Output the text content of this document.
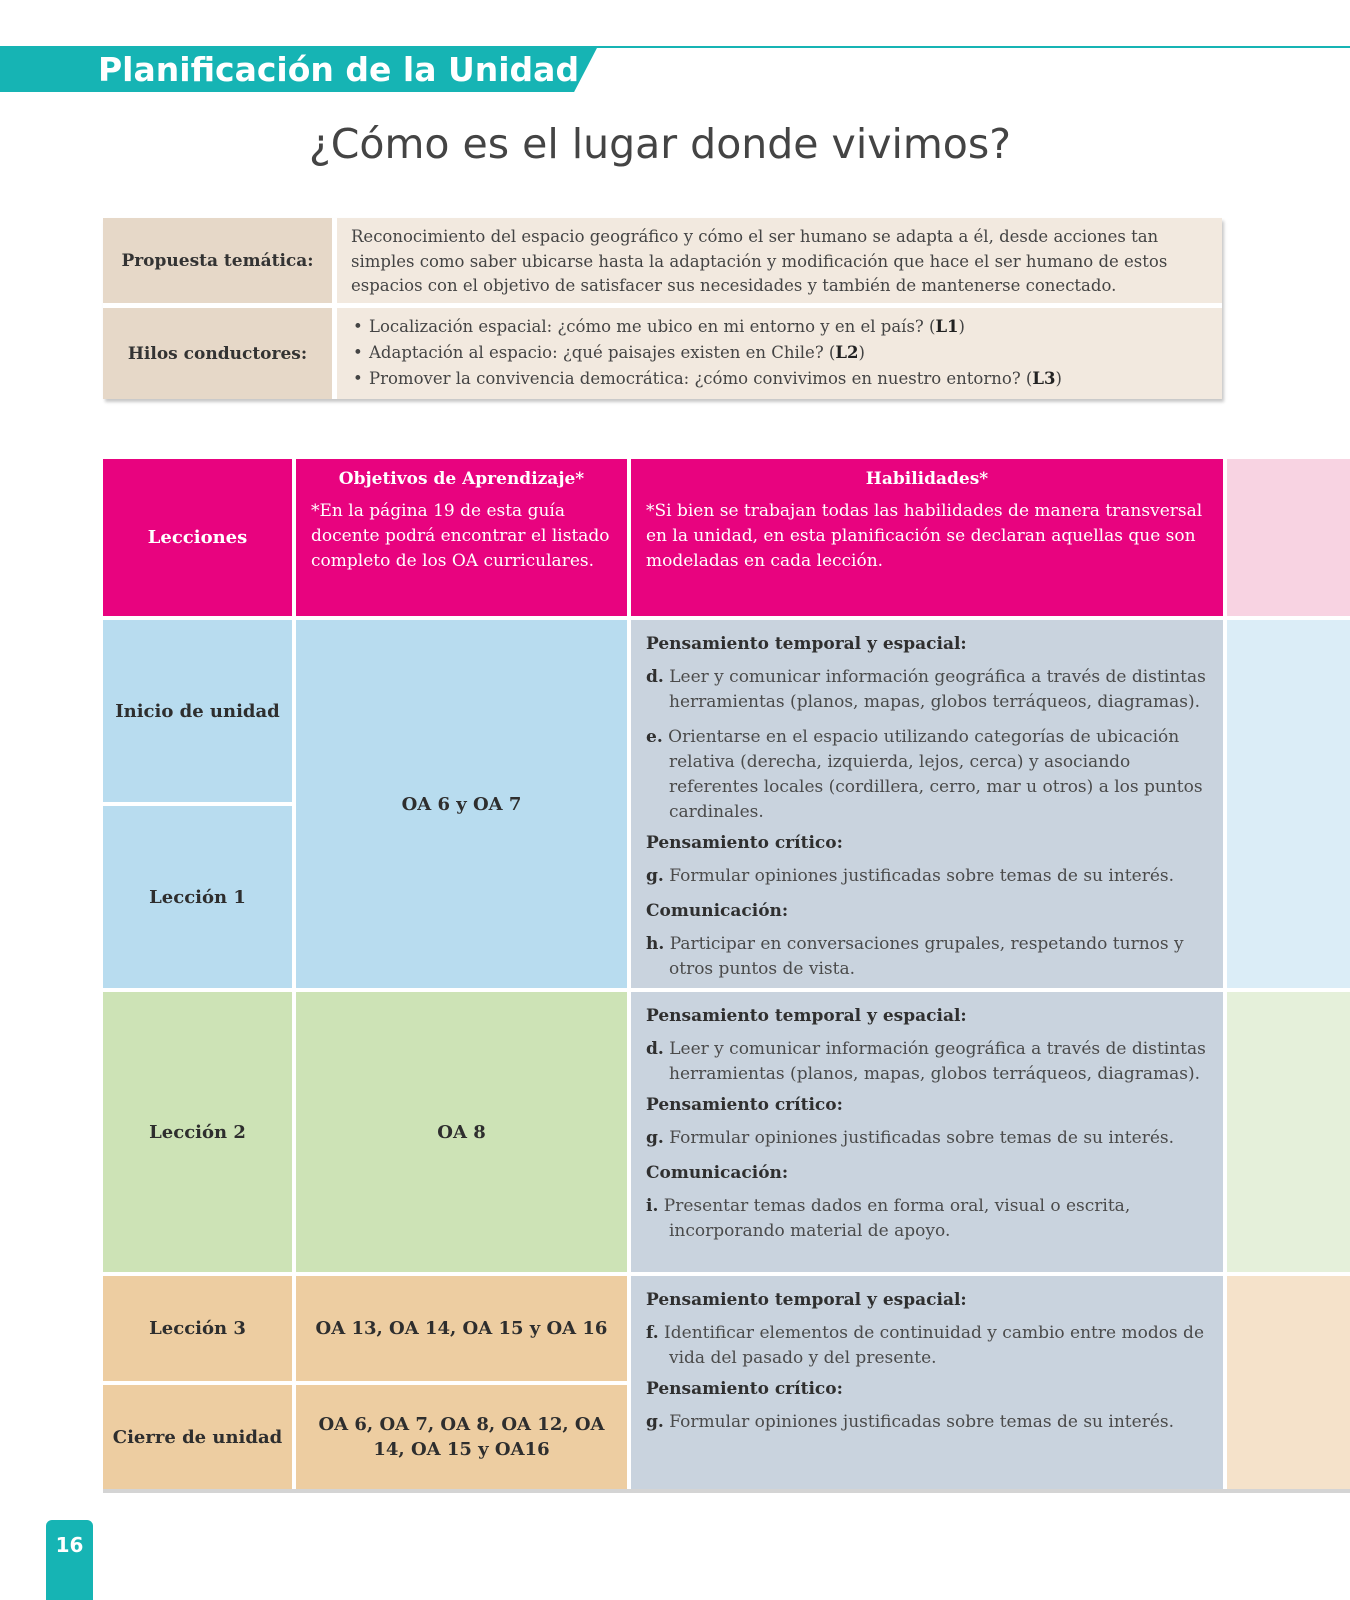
Planificación de la Unidad 1
¿Cómo es el lugar donde vivimos?
Propuesta temática:
Reconocimiento del espacio geográfico y cómo el ser humano se adapta a él, desde acciones tan simples como saber ubicarse hasta la adaptación y modificación que hace el ser humano de estos espacios con el objetivo de satisfacer sus necesidades y también de mantenerse conectado.
Hilos conductores:
• Localización espacial: ¿cómo me ubico en mi entorno y en el país? (L1)
• Adaptación al espacio: ¿qué paisajes existen en Chile? (L2)
• Promover la convivencia democrática: ¿cómo convivimos en nuestro entorno? (L3)
Lecciones
Objetivos de Aprendizaje*
*En la página 19 de esta guía docente podrá encontrar el listado completo de los OA curriculares.
Habilidades*
*Si bien se trabajan todas las habilidades de manera transversal en la unidad, en esta planificación se declaran aquellas que son modeladas en cada lección.
Inicio de unidad
Lección 1
OA 6 y OA 7
Pensamiento temporal y espacial:
d. Leer y comunicar información geográfica a través de distintas herramientas (planos, mapas, globos terráqueos, diagramas).
e. Orientarse en el espacio utilizando categorías de ubicación relativa (derecha, izquierda, lejos, cerca) y asociando referentes locales (cordillera, cerro, mar u otros) a los puntos cardinales.
Pensamiento crítico:
g. Formular opiniones justificadas sobre temas de su interés.
Comunicación:
h. Participar en conversaciones grupales, respetando turnos y otros puntos de vista.
Lección 2	OA 8
Pensamiento temporal y espacial:
d. Leer y comunicar información geográfica a través de distintas herramientas (planos, mapas, globos terráqueos, diagramas).
Pensamiento crítico:
g. Formular opiniones justificadas sobre temas de su interés.
Comunicación:
i. Presentar temas dados en forma oral, visual o escrita, incorporando material de apoyo.
Lección 3	OA 13, OA 14, OA 15 y OA 16
Cierre de unidad
OA 6, OA 7, OA 8, OA 12, OA 14, OA 15 y OA16
Pensamiento temporal y espacial:
f. Identificar elementos de continuidad y cambio entre modos de vida del pasado y del presente.
Pensamiento crítico:
g. Formular opiniones justificadas sobre temas de su interés.
16
